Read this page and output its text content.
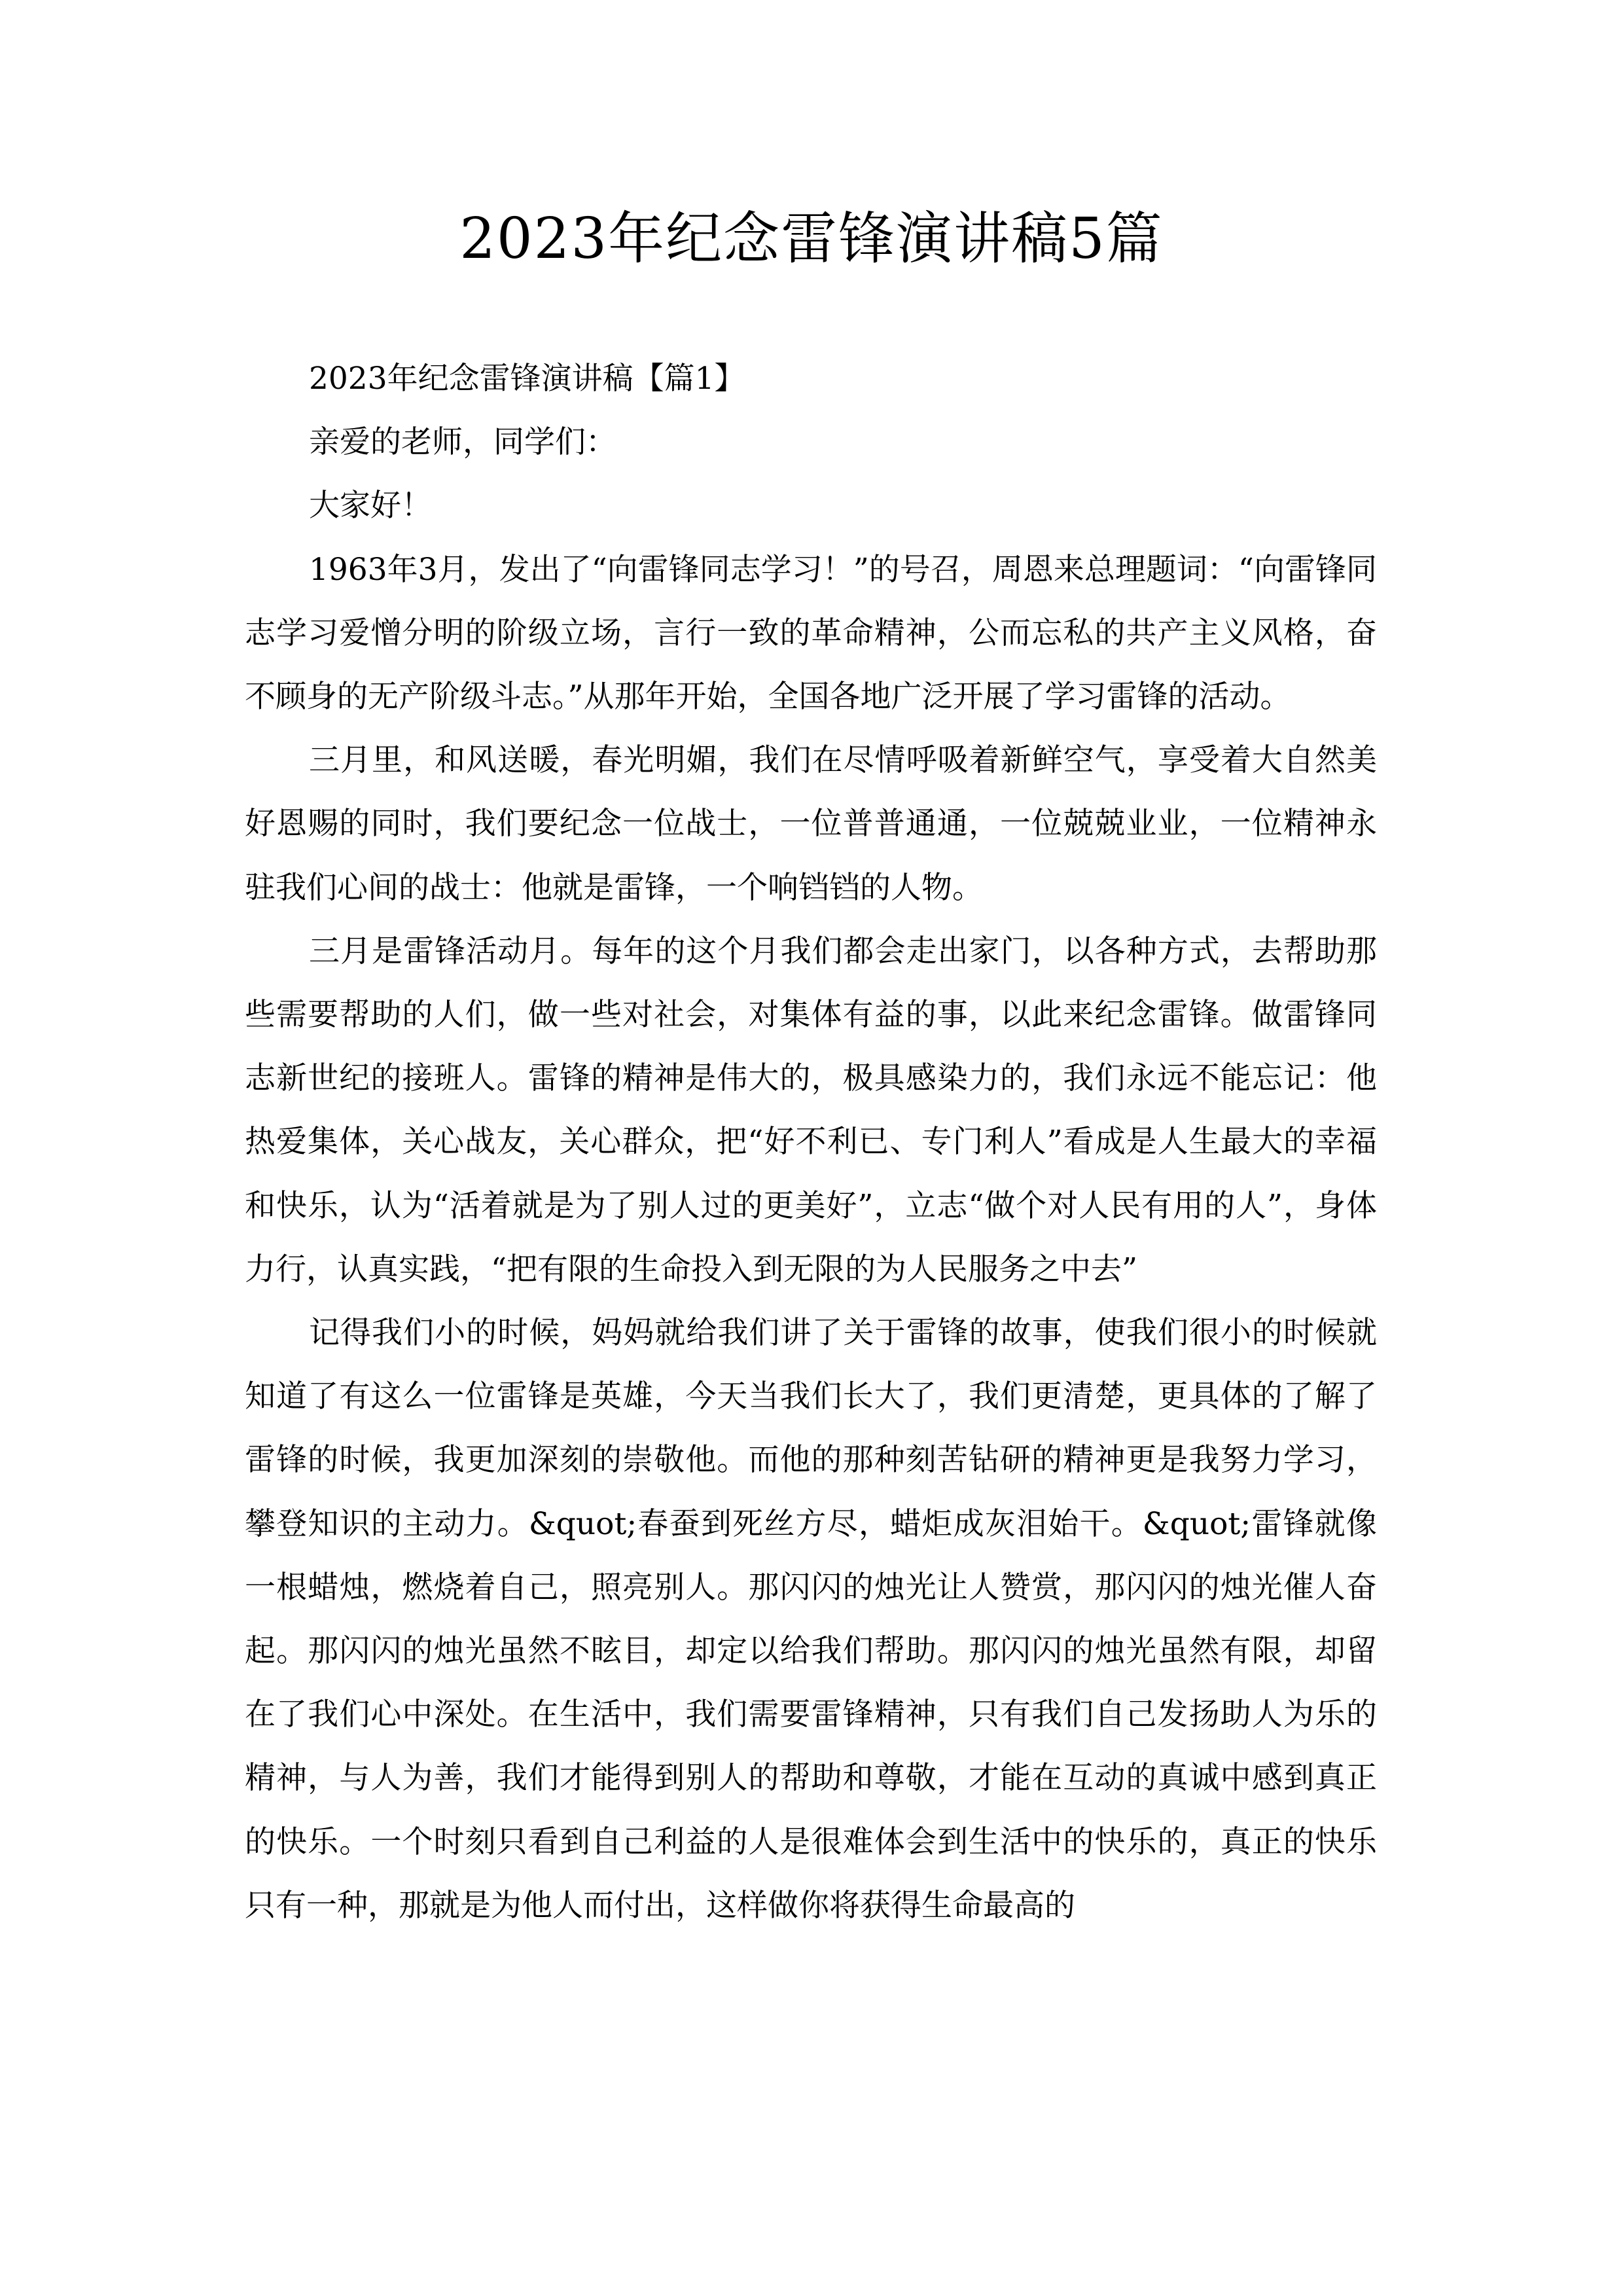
2023年纪念雷锋演讲稿5篇

2023年纪念雷锋演讲稿【篇1】

亲爱的老师，同学们：

大家好！

1963年3月，发出了“向雷锋同志学习！”的号召，周恩来总理题词：“向雷锋同志学习爱憎分明的阶级立场，言行一致的革命精神，公而忘私的共产主义风格，奋不顾身的无产阶级斗志。”从那年开始，全国各地广泛开展了学习雷锋的活动。

三月里，和风送暖，春光明媚，我们在尽情呼吸着新鲜空气，享受着大自然美好恩赐的同时，我们要纪念一位战士，一位普普通通，一位兢兢业业，一位精神永驻我们心间的战士：他就是雷锋，一个响铛铛的人物。

三月是雷锋活动月。每年的这个月我们都会走出家门，以各种方式，去帮助那些需要帮助的人们，做一些对社会，对集体有益的事，以此来纪念雷锋。做雷锋同志新世纪的接班人。雷锋的精神是伟大的，极具感染力的，我们永远不能忘记：他热爱集体，关心战友，关心群众，把“好不利已、专门利人”看成是人生最大的幸福和快乐，认为“活着就是为了别人过的更美好”，立志“做个对人民有用的人”，身体力行，认真实践，“把有限的生命投入到无限的为人民服务之中去”

记得我们小的时候，妈妈就给我们讲了关于雷锋的故事，使我们很小的时候就知道了有这么一位雷锋是英雄，今天当我们长大了，我们更清楚，更具体的了解了雷锋的时候，我更加深刻的崇敬他。而他的那种刻苦钻研的精神更是我努力学习，攀登知识的主动力。&quot;春蚕到死丝方尽，蜡炬成灰泪始干。&quot;雷锋就像一根蜡烛，燃烧着自己，照亮别人。那闪闪的烛光让人赞赏，那闪闪的烛光催人奋起。那闪闪的烛光虽然不眩目，却定以给我们帮助。那闪闪的烛光虽然有限，却留在了我们心中深处。在生活中，我们需要雷锋精神，只有我们自己发扬助人为乐的精神，与人为善，我们才能得到别人的帮助和尊敬，才能在互动的真诚中感到真正的快乐。一个时刻只看到自己利益的人是很难体会到生活中的快乐的，真正的快乐只有一种，那就是为他人而付出，这样做你将获得生命最高的
